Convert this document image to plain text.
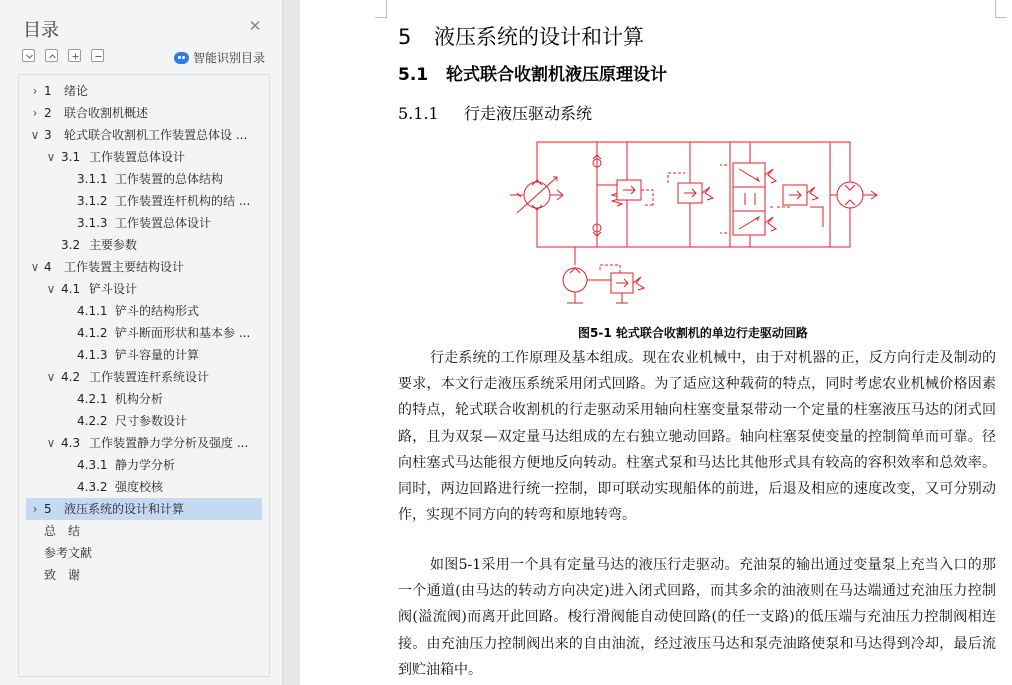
目录	✕
智能识别目录
› 1 绪论
› 2 联合收割机概述
∨ 3 轮式联合收割机工作装置总体设 ...
∨ 3.1 工作装置总体设计
3.1.1 工作装置的总体结构
3.1.2 工作装置连杆机构的结 ...
3.1.3 工作装置总体设计
3.2 主要参数
∨ 4 工作装置主要结构设计
∨ 4.1 铲斗设计
4.1.1 铲斗的结构形式
4.1.2 铲斗断面形状和基本参 ...
4.1.3 铲斗容量的计算
∨ 4.2 工作装置连杆系统设计
4.2.1 机构分析
4.2.2 尺寸参数设计
∨ 4.3 工作装置静力学分析及强度 ...
4.3.1 静力学分析
4.3.2 强度校核
› 5 液压系统的设计和计算
总　结
参考文献
致　谢
5 液压系统的设计和计算
5.1 轮式联合收割机液压原理设计
5.1.1 行走液压驱动系统
图5-1 轮式联合收割机的单边行走驱动回路
行走系统的工作原理及基本组成。现在农业机械中，由于对机器的正，反方向行走及制动的要求，本文行走液压系统采用闭式回路。为了适应这种载荷的特点，同时考虑农业机械价格因素的特点，轮式联合收割机的行走驱动采用轴向柱塞变量泵带动一个定量的柱塞液压马达的闭式回路，且为双泵—双定量马达组成的左右独立驰动回路。轴向柱塞泵使变量的控制简单而可靠。径向柱塞式马达能很方便地反向转动。柱塞式泵和马达比其他形式具有较高的容积效率和总效率。同时，两边回路进行统一控制，即可联动实现船体的前进，后退及相应的速度改变，又可分别动作，实现不同方向的转弯和原地转弯。
如图5-1采用一个具有定量马达的液压行走驱动。充油泵的输出通过变量泵上充当入口的那一个通道(由马达的转动方向决定)进入闭式回路，而其多余的油液则在马达端通过充油压力控制阀(溢流阀)而离开此回路。梭行滑阀能自动使回路(的任一支路)的低压端与充油压力控制阀相连接。由充油压力控制阀出来的自由油流，经过液压马达和泵壳油路使泵和马达得到冷却，最后流到贮油箱中。
